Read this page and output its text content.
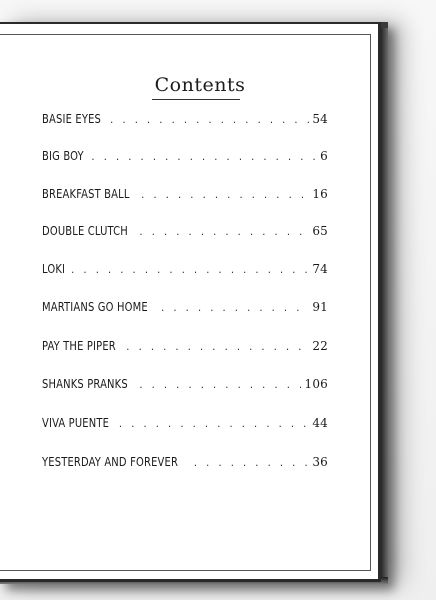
Contents
BASIE EYES . . .	54
BIG BOY . . .	6
BREAKFAST BALL . . .	16
DOUBLE CLUTCH . . .	65
LOKI . . .	74
MARTIANS GO HOME . . .	91
PAY THE PIPER . . .	22
SHANKS PRANKS . . .	106
VIVA PUENTE . . .	44
YESTERDAY AND FOREVER . . .	36
